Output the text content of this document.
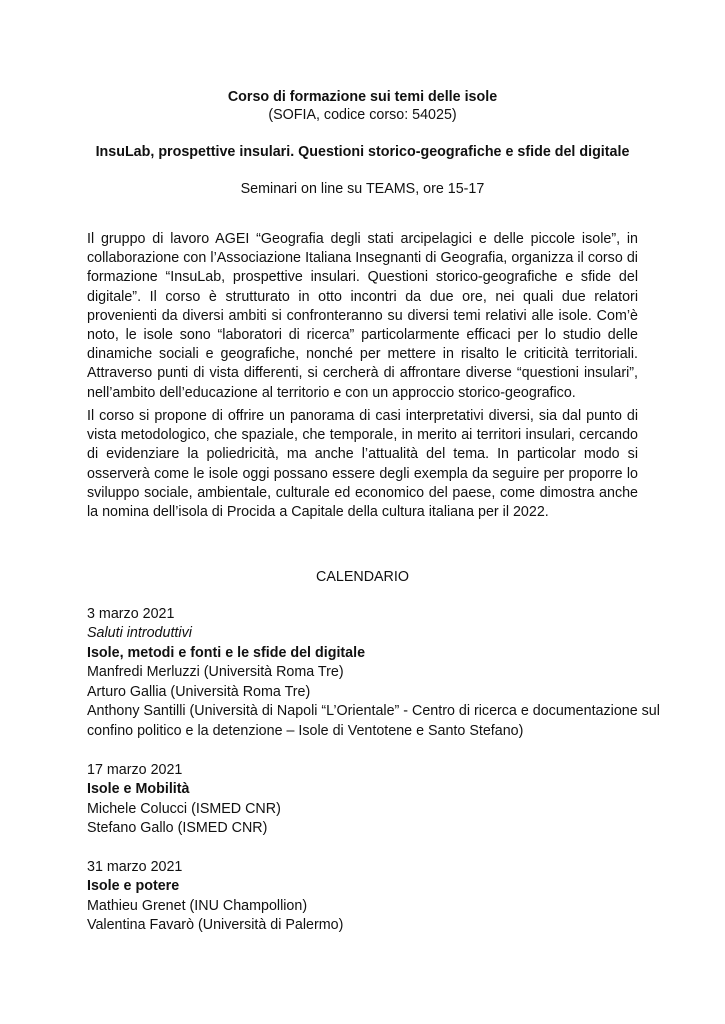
Corso di formazione sui temi delle isole

(SOFIA, codice corso: 54025)

InsuLab, prospettive insulari. Questioni storico-geografiche e sfide del digitale

Seminari on line su TEAMS, ore 15-17

Il gruppo di lavoro AGEI “Geografia degli stati arcipelagici e delle piccole isole”, in collaborazione con l’Associazione Italiana Insegnanti di Geografia, organizza il corso di formazione “InsuLab, prospettive insulari. Questioni storico-geografiche e sfide del digitale”. Il corso è strutturato in otto incontri da due ore, nei quali due relatori provenienti da diversi ambiti si confronteranno su diversi temi relativi alle isole. Com’è noto, le isole sono “laboratori di ricerca” particolarmente efficaci per lo studio delle dinamiche sociali e geografiche, nonché per mettere in risalto le criticità territoriali. Attraverso punti di vista differenti, si cercherà di affrontare diverse “questioni insulari”, nell’ambito dell’educazione al territorio e con un approccio storico-geografico.

Il corso si propone di offrire un panorama di casi interpretativi diversi, sia dal punto di vista metodologico, che spaziale, che temporale, in merito ai territori insulari, cercando di evidenziare la poliedricità, ma anche l’attualità del tema. In particolar modo si osserverà come le isole oggi possano essere degli exempla da seguire per proporre lo sviluppo sociale, ambientale, culturale ed economico del paese, come dimostra anche la nomina dell’isola di Procida a Capitale della cultura italiana per il 2022.

CALENDARIO

3 marzo 2021

Saluti introduttivi

Isole, metodi e fonti e le sfide del digitale

Manfredi Merluzzi (Università Roma Tre)

Arturo Gallia (Università Roma Tre)

Anthony Santilli (Università di Napoli “L’Orientale” - Centro di ricerca e documentazione sul

confino politico e la detenzione – Isole di Ventotene e Santo Stefano)

17 marzo 2021

Isole e Mobilità

Michele Colucci (ISMED CNR)

Stefano Gallo (ISMED CNR)

31 marzo 2021

Isole e potere

Mathieu Grenet (INU Champollion)

Valentina Favarò (Università di Palermo)
